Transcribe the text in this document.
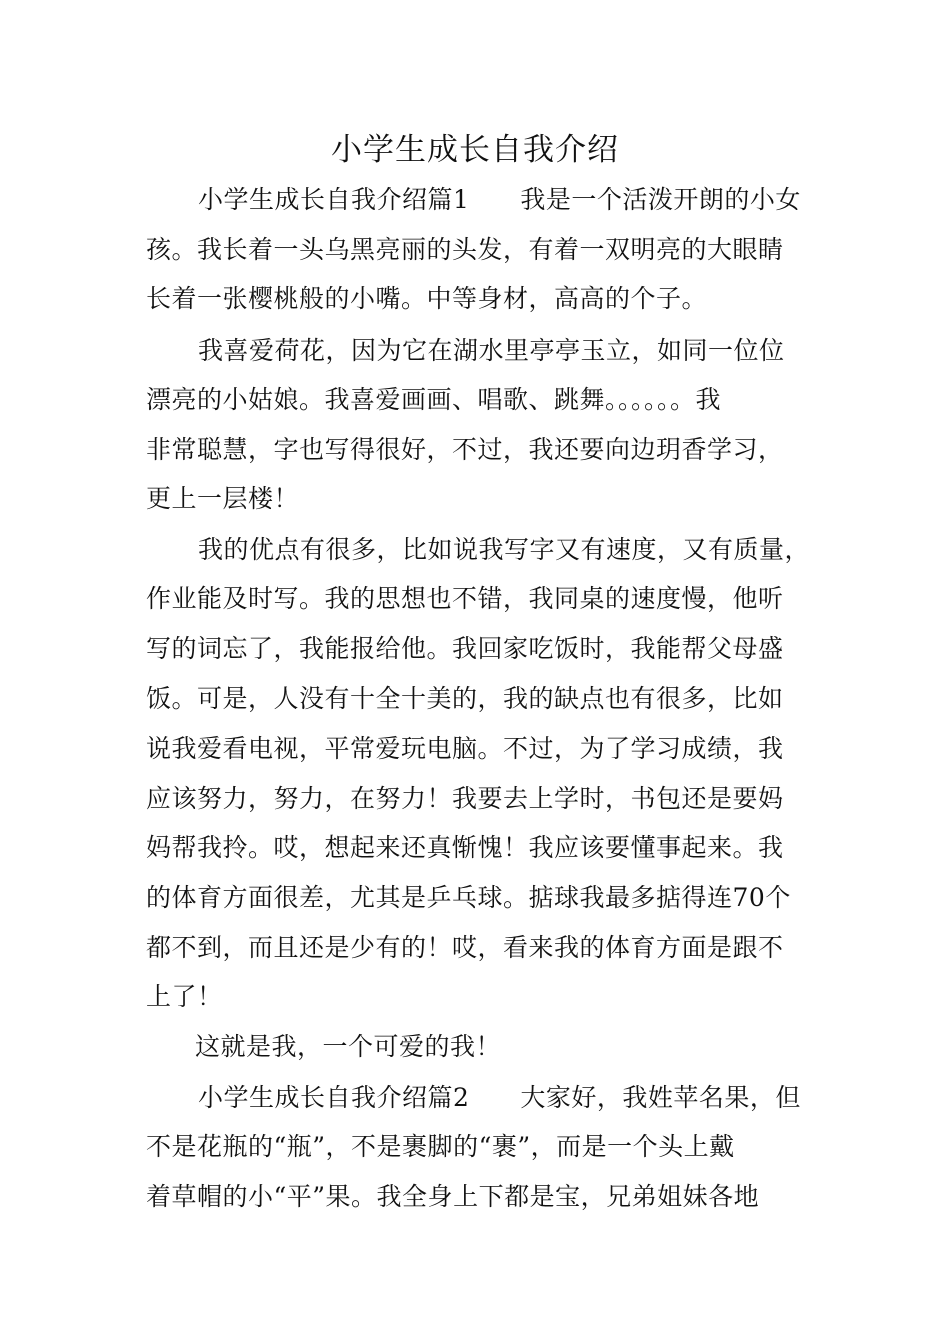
小学生成长自我介绍
小学生成长自我介绍篇1　　我是一个活泼开朗的小女
孩。我长着一头乌黑亮丽的头发，有着一双明亮的大眼睛
长着一张樱桃般的小嘴。中等身材，高高的个子。
我喜爱荷花，因为它在湖水里亭亭玉立，如同一位位
漂亮的小姑娘。我喜爱画画、唱歌、跳舞。。。。。。我
非常聪慧，字也写得很好，不过，我还要向边玥香学习，
更上一层楼！
我的优点有很多，比如说我写字又有速度，又有质量，
作业能及时写。我的思想也不错，我同桌的速度慢，他听
写的词忘了，我能报给他。我回家吃饭时，我能帮父母盛
饭。可是，人没有十全十美的，我的缺点也有很多，比如
说我爱看电视，平常爱玩电脑。不过，为了学习成绩，我
应该努力，努力，在努力！我要去上学时，书包还是要妈
妈帮我拎。哎，想起来还真惭愧！我应该要懂事起来。我
的体育方面很差，尤其是乒乓球。掂球我最多掂得连70个
都不到，而且还是少有的！哎，看来我的体育方面是跟不
上了！
这就是我，一个可爱的我！
小学生成长自我介绍篇2　　大家好，我姓苹名果，但
不是花瓶的“瓶”，不是裹脚的“裹”，而是一个头上戴
着草帽的小“平”果。我全身上下都是宝，兄弟姐妹各地
